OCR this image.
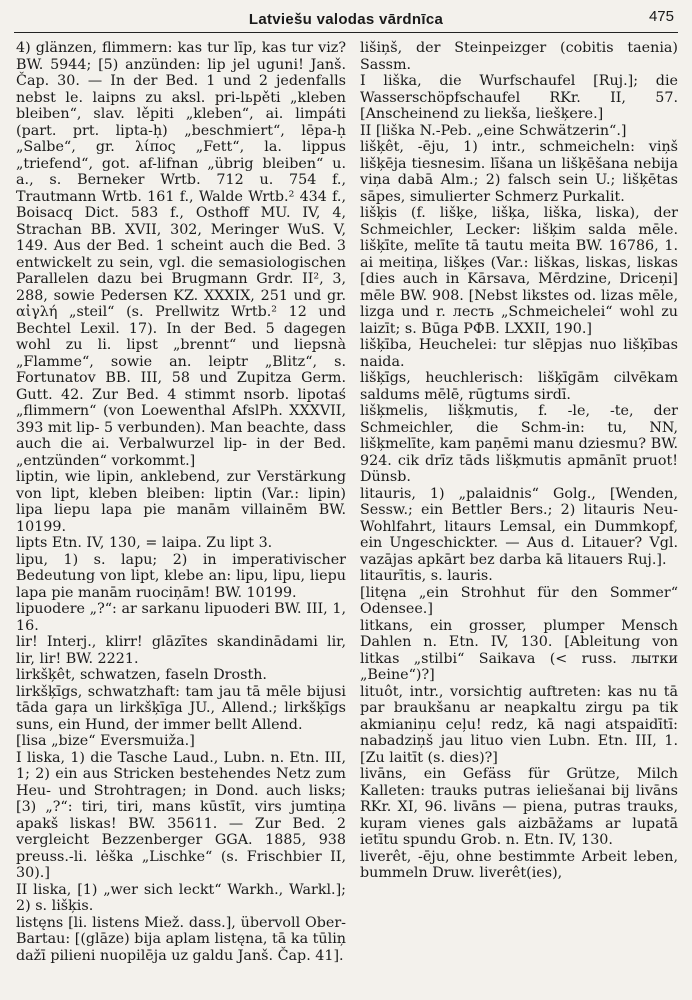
Latviešu valodas vārdnīca	475

4) glänzen, flimmern: kas tur līp, kas tur viz? BW. 5944; [5) anzünden: lip jel uguni! Janš. Čap. 30. — In der Bed. 1 und 2 jedenfalls nebst le. laipns zu aksl. pri-lьpěti „kleben bleiben“, slav. lěpiti „kleben“, ai. limpáti (part. prt. lipta-ḥ) „beschmiert“, lēpa-ḥ „Salbe“, gr. λίπος „Fett“, la. lippus „triefend“, got. af-lifnan „übrig bleiben“ u. a., s. Berneker Wrtb. 712 u. 754 f., Trautmann Wrtb. 161 f., Walde Wrtb.² 434 f., Boisacq Dict. 583 f., Osthoff MU. IV, 4, Strachan BB. XVII, 302, Meringer WuS. V, 149. Aus der Bed. 1 scheint auch die Bed. 3 entwickelt zu sein, vgl. die semasiologischen Parallelen dazu bei Brugmann Grdr. II², 3, 288, sowie Pedersen KZ. XXXIX, 251 und gr. αἰγλή „steil“ (s. Prellwitz Wrtb.² 12 und Bechtel Lexil. 17). In der Bed. 5 dagegen wohl zu li. lipst „brennt“ und liepsnà „Flamme“, sowie an. leiptr „Blitz“, s. Fortunatov BB. III, 58 und Zupitza Germ. Gutt. 42. Zur Bed. 4 stimmt nsorb. lipotaś „flimmern“ (von Loewenthal AfslPh. XXXVII, 393 mit lip- 5 verbunden). Man beachte, dass auch die ai. Verbalwurzel lip- in der Bed. „entzünden“ vorkommt.]

liptin, wie lipin, anklebend, zur Verstärkung von lipt, kleben bleiben: liptin (Var.: lipin) lipa liepu lapa pie manām villainēm BW. 10199.

lipts Etn. IV, 130, = laipa. Zu lipt 3.

lipu, 1) s. lapu; 2) in imperativischer Bedeutung von lipt, klebe an: lipu, lipu, liepu lapa pie manām ruociņām! BW. 10199.

lipuodere „?“: ar sarkanu lipuoderi BW. III, 1, 16.

lir! Interj., klirr! glāzītes skandinādami lir, lir, lir! BW. 2221.

lirkšķêt, schwatzen, faseln Drosth.

lirkšķīgs, schwatzhaft: tam jau tā mēle bijusi tāda gaŗa un lirkšķīga JU., Allend.; lirkšķīgs suns, ein Hund, der immer bellt Allend.

[lisa „bize“ Eversmuiža.]

I liska, 1) die Tasche Laud., Lubn. n. Etn. III, 1; 2) ein aus Stricken bestehendes Netz zum Heu- und Strohtragen; in Dond. auch lisks; [3) „?“: tiri, tiri, mans kūstīt, virs jumtiņa apakš liskas! BW. 35611. — Zur Bed. 2 vergleicht Bezzenberger GGA. 1885, 938 preuss.-li. lėška „Lischke“ (s. Frischbier II, 30).]

II liska, [1) „wer sich leckt“ Warkh., Warkl.]; 2) s. lišķis.

listęns [li. listens Miež. dass.], übervoll Ober-Bartau: [(glāze) bija aplam listęna, tā ka tūliņ dažī pilieni nuopilēja uz galdu Janš. Čap. 41].

lišiņš, der Steinpeizger (cobitis taenia) Sassm.

I liška, die Wurfschaufel [Ruj.]; die Wasserschöpfschaufel RKr. II, 57. [Anscheinend zu liekša, liešķere.]

II [liška N.-Peb. „eine Schwätzerin“.]

lišķêt, -ēju, 1) intr., schmeicheln: viņš lišķēja tiesnesim. līšana un lišķēšana nebija viņa dabā Alm.; 2) falsch sein U.; lišķētas sāpes, simulierter Schmerz Purkalit.

lišķis (f. lišķe, lišķa, liška, liska), der Schmeichler, Lecker: lišķim salda mēle. lišķīte, melīte tā tautu meita BW. 16786, 1. ai meitiņa, lišķes (Var.: liškas, liskas, liskas [dies auch in Kārsava, Mērdzine, Driceņi] mēle BW. 908. [Nebst likstes od. lizas mēle, lizga und r. лесть „Schmeichelei“ wohl zu laizīt; s. Būga РФВ. LXXII, 190.]

lišķība, Heuchelei: tur slēpjas nuo lišķības naida.

lišķīgs, heuchlerisch: lišķīgām cilvēkam saldums mēlē, rūgtums sirdī.

lišķmelis, lišķmutis, f. -le, -te, der Schmeichler, die Schm-in: tu, NN, lišķmelīte, kam paņēmi manu dziesmu? BW. 924. cik drīz tāds lišķmutis apmānīt pruot! Dünsb.

litauris, 1) „palaidnis“ Golg., [Wenden, Sessw.; ein Bettler Bers.; 2) litauris Neu-Wohlfahrt, litaurs Lemsal, ein Dummkopf, ein Ungeschickter. — Aus d. Litauer? Vgl. vazājas apkārt bez darba kā litauers Ruj.].

litaurītis, s. lauris.

[litęna „ein Strohhut für den Sommer“ Odensee.]

litkans, ein grosser, plumper Mensch Dahlen n. Etn. IV, 130. [Ableitung von litkas „stilbi“ Saikava (< russ. лытки „Beine“)?]

lituôt, intr., vorsichtig auftreten: kas nu tā par braukšanu ar neapkaltu zirgu pa tik akmianiņu ceļu! redz, kā nagi atspaidītī: nabadziņš jau lituo vien Lubn. Etn. III, 1. [Zu laitīt (s. dies)?]

livāns, ein Gefäss für Grütze, Milch Kalleten: trauks putras ieliešanai bij livāns RKr. XI, 96. livāns — piena, putras trauks, kuŗam vienes gals aizbāžams ar lupatā ietītu spundu Grob. n. Etn. IV, 130.

liverêt, -ēju, ohne bestimmte Arbeit leben, bummeln Druw. liverêt(ies),
